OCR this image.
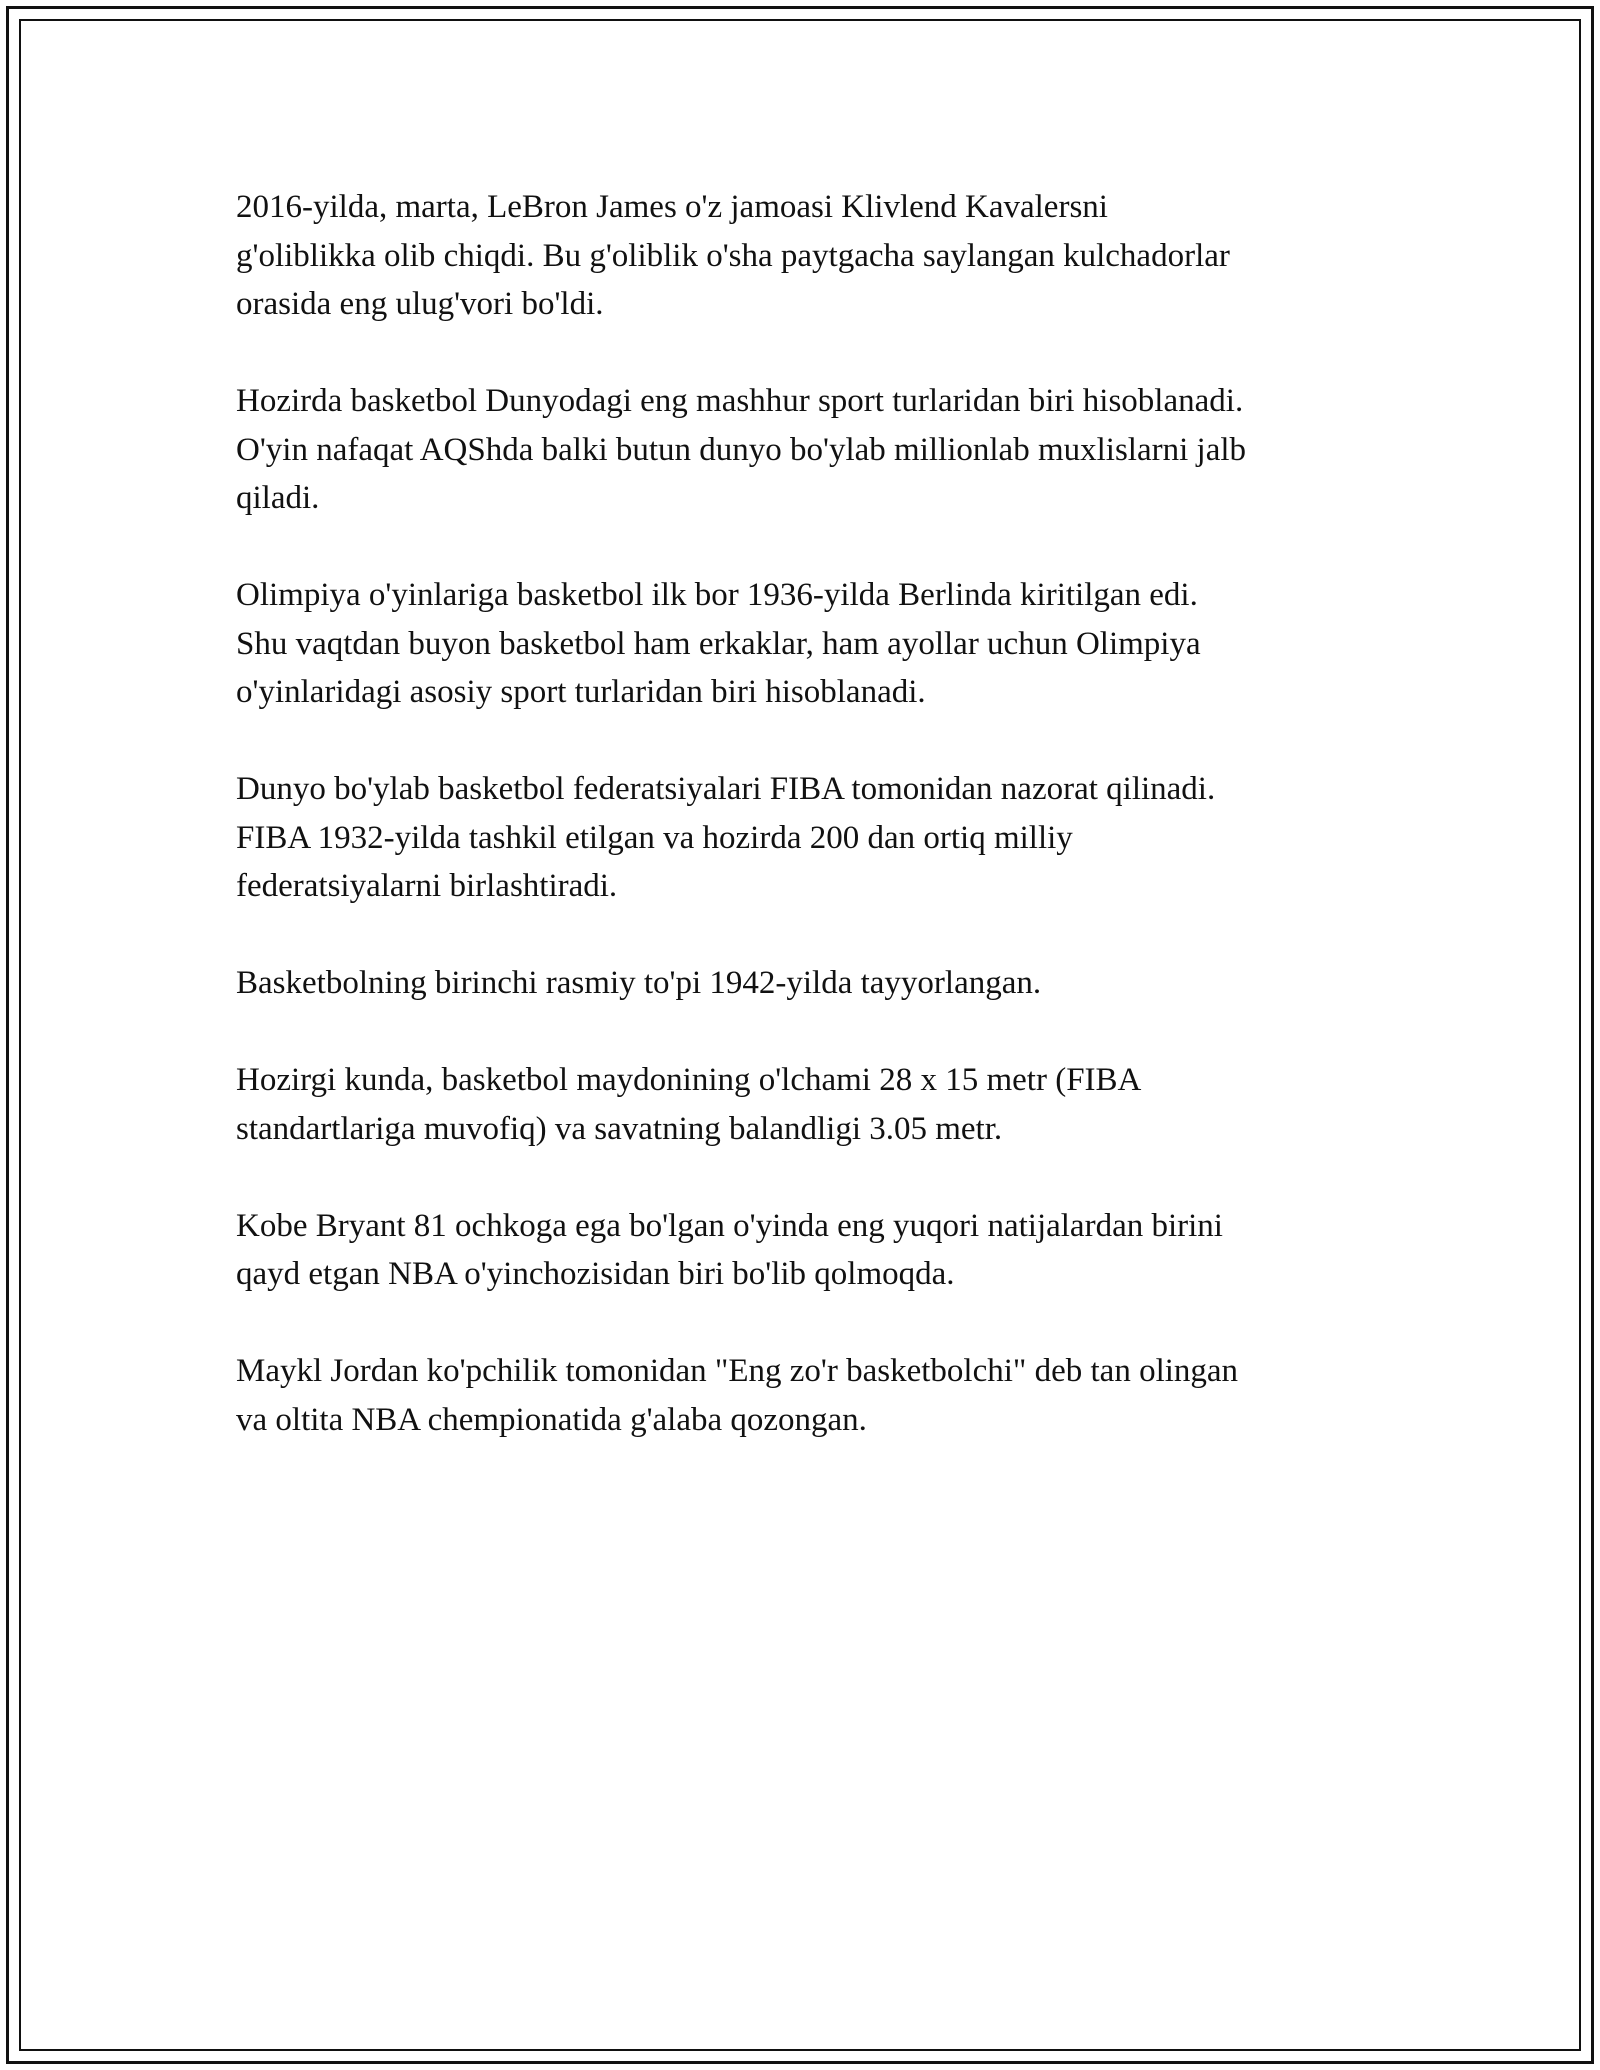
2016-yilda, marta, LeBron James o'z jamoasi Klivlend Kavalersni
g'oliblikka olib chiqdi. Bu g'oliblik o'sha paytgacha saylangan kulchadorlar
orasida eng ulug'vori bo'ldi.

Hozirda basketbol Dunyodagi eng mashhur sport turlaridan biri hisoblanadi.
O'yin nafaqat AQShda balki butun dunyo bo'ylab millionlab muxlislarni jalb
qiladi.

Olimpiya o'yinlariga basketbol ilk bor 1936-yilda Berlinda kiritilgan edi.
Shu vaqtdan buyon basketbol ham erkaklar, ham ayollar uchun Olimpiya
o'yinlaridagi asosiy sport turlaridan biri hisoblanadi.

Dunyo bo'ylab basketbol federatsiyalari FIBA tomonidan nazorat qilinadi.
FIBA 1932-yilda tashkil etilgan va hozirda 200 dan ortiq milliy
federatsiyalarni birlashtiradi.

Basketbolning birinchi rasmiy to'pi 1942-yilda tayyorlangan.

Hozirgi kunda, basketbol maydonining o'lchami 28 x 15 metr (FIBA
standartlariga muvofiq) va savatning balandligi 3.05 metr.

Kobe Bryant 81 ochkoga ega bo'lgan o'yinda eng yuqori natijalardan birini
qayd etgan NBA o'yinchozisidan biri bo'lib qolmoqda.

Maykl Jordan ko'pchilik tomonidan "Eng zo'r basketbolchi" deb tan olingan
va oltita NBA chempionatida g'alaba qozongan.
